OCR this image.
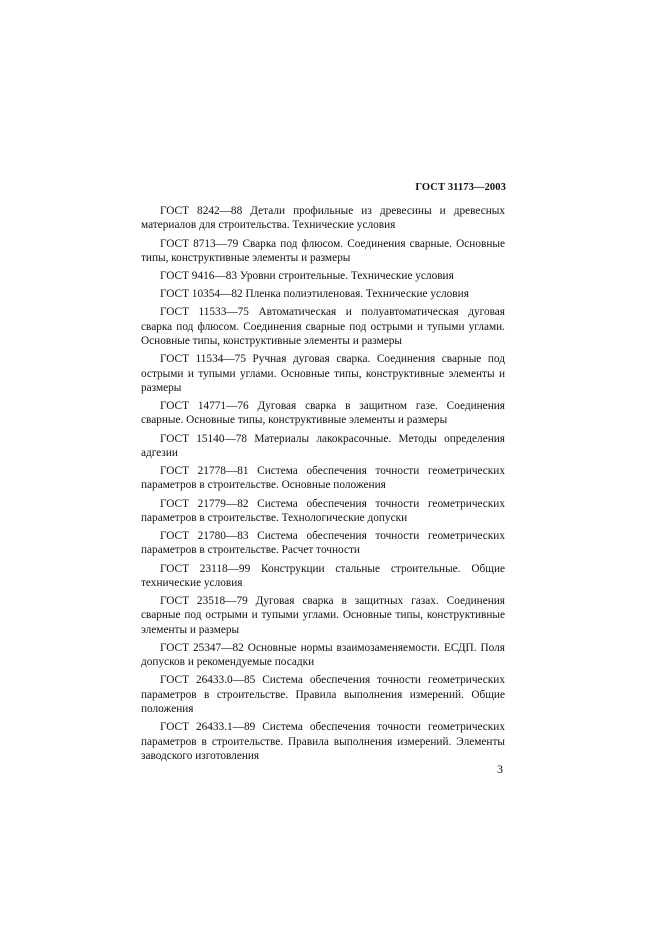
ГОСТ 31173—2003

ГОСТ 8242—88 Детали профильные из древесины и древесных материалов для строительства. Технические условия

ГОСТ 8713—79 Сварка под флюсом. Соединения сварные. Основные типы, конструктивные элементы и размеры

ГОСТ 9416—83 Уровни строительные. Технические условия

ГОСТ 10354—82 Пленка полиэтиленовая. Технические условия

ГОСТ 11533—75 Автоматическая и полуавтоматическая дуговая сварка под флюсом. Соединения сварные под острыми и тупыми углами. Основные типы, конструктивные элементы и размеры

ГОСТ 11534—75 Ручная дуговая сварка. Соединения сварные под острыми и тупыми углами. Основные типы, конструктивные элементы и размеры

ГОСТ 14771—76 Дуговая сварка в защитном газе. Соединения сварные. Основные типы, конструктивные элементы и размеры

ГОСТ 15140—78 Материалы лакокрасочные. Методы определения адгезии

ГОСТ 21778—81 Система обеспечения точности геометрических параметров в строительстве. Основные положения

ГОСТ 21779—82 Система обеспечения точности геометрических параметров в строительстве. Технологические допуски

ГОСТ 21780—83 Система обеспечения точности геометрических параметров в строительстве. Расчет точности

ГОСТ 23118—99 Конструкции стальные строительные. Общие технические условия

ГОСТ 23518—79 Дуговая сварка в защитных газах. Соединения сварные под острыми и тупыми углами. Основные типы, конструктивные элементы и размеры

ГОСТ 25347—82 Основные нормы взаимозаменяемости. ЕСДП. Поля допусков и рекомендуемые посадки

ГОСТ 26433.0—85 Система обеспечения точности геометрических параметров в строительстве. Правила выполнения измерений. Общие положения

ГОСТ 26433.1—89 Система обеспечения точности геометрических параметров в строительстве. Правила выполнения измерений. Элементы заводского изготовления

3
